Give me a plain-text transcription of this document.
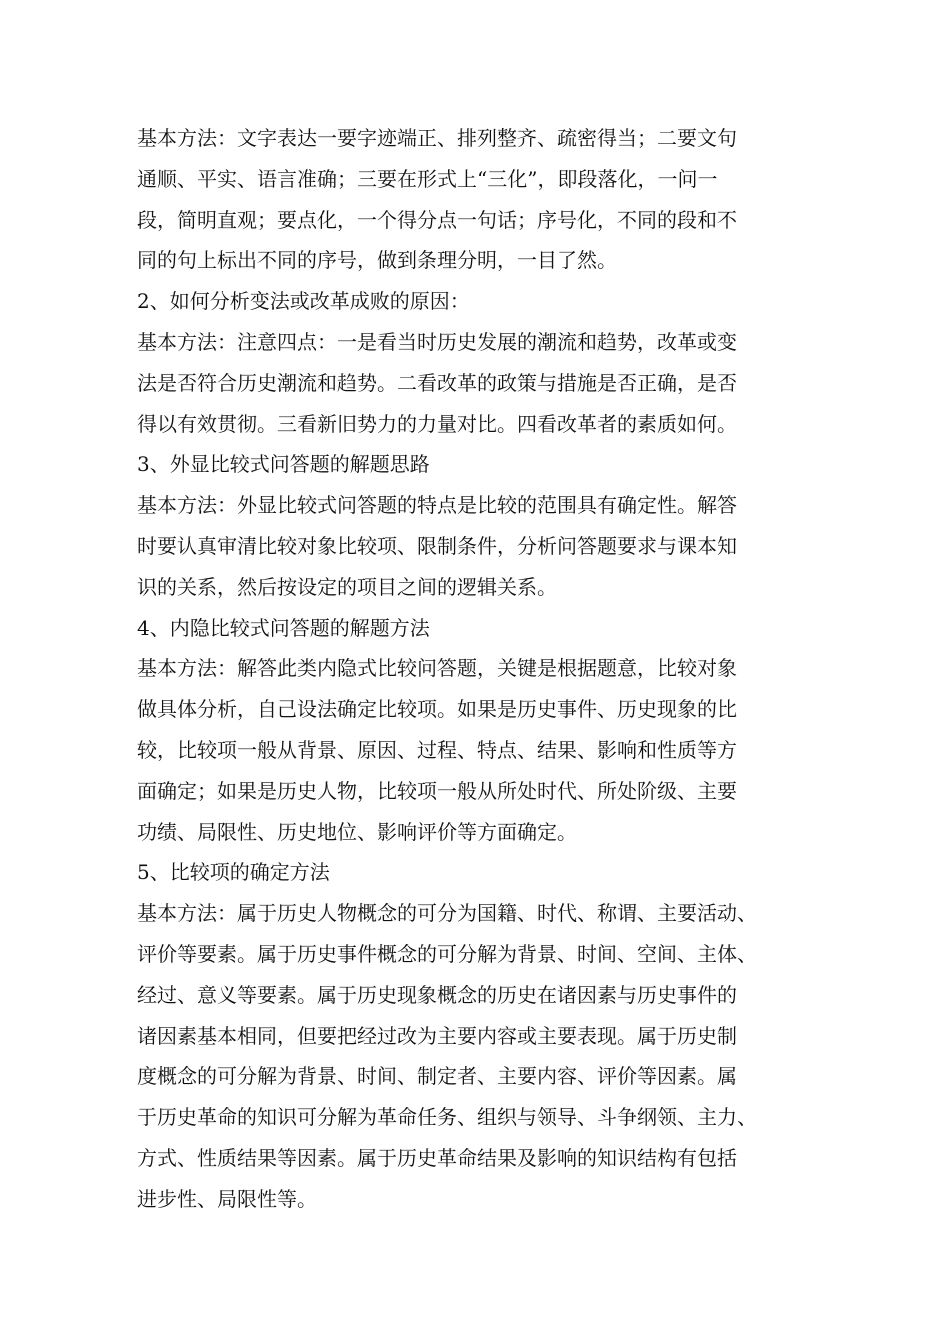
基本方法：文字表达一要字迹端正、排列整齐、疏密得当；二要文句
通顺、平实、语言准确；三要在形式上“三化”，即段落化，一问一
段，简明直观；要点化，一个得分点一句话；序号化，不同的段和不
同的句上标出不同的序号，做到条理分明，一目了然。
2、如何分析变法或改革成败的原因：
基本方法：注意四点：一是看当时历史发展的潮流和趋势，改革或变
法是否符合历史潮流和趋势。二看改革的政策与措施是否正确，是否
得以有效贯彻。三看新旧势力的力量对比。四看改革者的素质如何。
3、外显比较式问答题的解题思路
基本方法：外显比较式问答题的特点是比较的范围具有确定性。解答
时要认真审清比较对象比较项、限制条件，分析问答题要求与课本知
识的关系，然后按设定的项目之间的逻辑关系。
4、内隐比较式问答题的解题方法
基本方法：解答此类内隐式比较问答题，关键是根据题意，比较对象
做具体分析，自己设法确定比较项。如果是历史事件、历史现象的比
较，比较项一般从背景、原因、过程、特点、结果、影响和性质等方
面确定；如果是历史人物，比较项一般从所处时代、所处阶级、主要
功绩、局限性、历史地位、影响评价等方面确定。
5、比较项的确定方法
基本方法：属于历史人物概念的可分为国籍、时代、称谓、主要活动、
评价等要素。属于历史事件概念的可分解为背景、时间、空间、主体、
经过、意义等要素。属于历史现象概念的历史在诸因素与历史事件的
诸因素基本相同，但要把经过改为主要内容或主要表现。属于历史制
度概念的可分解为背景、时间、制定者、主要内容、评价等因素。属
于历史革命的知识可分解为革命任务、组织与领导、斗争纲领、主力、
方式、性质结果等因素。属于历史革命结果及影响的知识结构有包括
进步性、局限性等。
